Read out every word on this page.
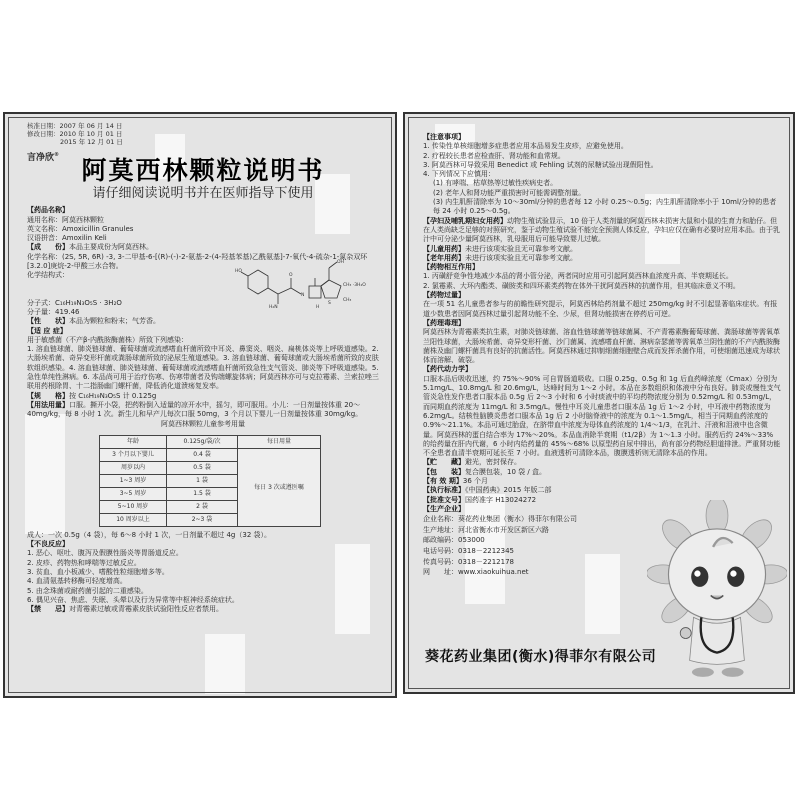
核准日期：2007 年 06 月 14 日
修改日期：2010 年 10 月 01 日
2015 年 12 月 01 日
言净欣®
阿莫西林颗粒说明书
请仔细阅读说明书并在医师指导下使用
【药品名称】
通用名称：阿莫西林颗粒
英文名称：Amoxicillin Granules
汉语拼音：Amoxilin Keli
【成　　份】本品主要成份为阿莫西林。
化学名称：(2S, 5R, 6R) -3, 3-二甲基-6-[(R)-(-)-2-氨基-2-(4-羟基苯基)乙酰氨基]-7-氧代-4-硫杂-1-氮杂双环[3.2.0]庚烷-2-甲酸三水合物。
化学结构式：
分子式：C₁₆H₁₉N₃O₅S · 3H₂O
分子量：419.46
【性　　状】本品为颗粒和粉末；气芳香。
【适 应 症】
用于敏感菌（不产β-内酰胺酶菌株）所致下列感染：
1. 溶血链球菌、肺炎链球菌、葡萄球菌或流感嗜血杆菌所致中耳炎、鼻窦炎、咽炎、扁桃体炎等上呼吸道感染。2. 大肠埃希菌、奇异变形杆菌或粪肠球菌所致的泌尿生殖道感染。3. 溶血链球菌、葡萄球菌或大肠埃希菌所致的皮肤软组织感染。4. 溶血链球菌、肺炎链球菌、葡萄球菌或流感嗜血杆菌所致急性支气管炎、肺炎等下呼吸道感染。5. 急性单纯性淋病。6. 本品尚可用于治疗伤寒、伤寒带菌者及钩端螺旋体病；阿莫西林亦可与克拉霉素、兰索拉唑三联用药根除胃、十二指肠幽门螺杆菌，降低消化道溃疡复发率。
【规　　格】按 C₁₆H₁₉N₃O₅S 计 0.125g
【用法用量】口服。撕开小袋，把药粉倒入适量的凉开水中，摇匀，即可服用。小儿：一日剂量按体重 20～40mg/kg，每 8 小时 1 次。新生儿和早产儿每次口服 50mg，3 个月以下婴儿一日剂量按体重 30mg/kg。
阿莫西林颗粒儿童参考用量
年龄	0.125g/袋/次	每日用量
3 个月以下婴儿	0.4 袋	每日 3 次或遵医嘱
周岁以内	0.5 袋	
1~3 周岁	1 袋	
3~5 周岁	1.5 袋	
5~10 周岁	2 袋	
10 周岁以上	2~3 袋	
成人：一次 0.5g（4 袋），每 6～8 小时 1 次，一日剂量不超过 4g（32 袋）。
【不良反应】
1. 恶心、呕吐、腹泻及假膜性肠炎等胃肠道反应。
2. 皮疹、药物热和哮喘等过敏反应。
3. 贫血、血小板减少、嗜酸性粒细胞增多等。
4. 血清氨基转移酶可轻度增高。
5. 由念珠菌或耐药菌引起的二重感染。
6. 偶见兴奋、焦虑、失眠、头晕以及行为异常等中枢神经系统症状。
【禁　　忌】对青霉素过敏或青霉素皮肤试验阳性反应者禁用。
HO
OH
H₂N
O
N
CH₃ ·3H₂O
CH₃
S
H
【注意事项】
1. 传染性单核细胞增多症患者应用本品易发生皮疹，应避免使用。
2. 疗程较长患者应检查肝、肾功能和血常规。
3. 阿莫西林可导致采用 Benedict 或 Fehling 试剂的尿糖试验出现假阳性。
4. 下列情况下应慎用：
(1) 有哮喘、枯草热等过敏性疾病史者。
(2) 老年人和肾功能严重损害时可能需调整剂量。
(3) 内生肌酐清除率为 10～30ml/分钟的患者每 12 小时 0.25～0.5g；内生肌酐清除率小于 10ml/分钟的患者每 24 小时 0.25～0.5g。
【孕妇及哺乳期妇女用药】动物生殖试验显示，10 倍于人类剂量的阿莫西林未损害大鼠和小鼠的生育力和胎仔。但在人类尚缺乏足够的对照研究，鉴于动物生殖试验不能完全预测人体反应，孕妇应仅在确有必要时应用本品。由于乳汁中可分泌少量阿莫西林，乳母服用后可能导致婴儿过敏。
【儿童用药】未进行该项实验且无可靠参考文献。
【老年用药】未进行该项实验且无可靠参考文献。
【药物相互作用】
1. 丙磺舒竞争性地减少本品的肾小管分泌，两者同时应用可引起阿莫西林血浓度升高、半衰期延长。
2. 氯霉素、大环内酯类、磺胺类和四环素类药物在体外干扰阿莫西林的抗菌作用，但其临床意义不明。
【药物过量】
在一项 51 名儿童患者参与的前瞻性研究提示，阿莫西林给药剂量不超过 250mg/kg 时不引起显著临床症状。有报道少数患者因阿莫西林过量引起肾功能不全、少尿，但肾功能损害在停药后可逆。
【药理毒理】
阿莫西林为青霉素类抗生素，对肺炎链球菌、溶血性链球菌等链球菌属、不产青霉素酶葡萄球菌、粪肠球菌等需氧革兰阳性球菌，大肠埃希菌、奇异变形杆菌、沙门菌属、流感嗜血杆菌、淋病奈瑟菌等需氧革兰阴性菌的不产内酰胺酶菌株及幽门螺杆菌具有良好的抗菌活性。阿莫西林通过抑制细菌细胞壁合成而发挥杀菌作用，可使细菌迅速成为球状体而溶解、破裂。
【药代动力学】
口服本品后吸收迅速，约 75%～90% 可自胃肠道吸收。口服 0.25g、0.5g 和 1g 后血药峰浓度（Cmax）分别为 5.1mg/L、10.8mg/L 和 20.6mg/L，达峰时间为 1～2 小时。本品在多数组织和体液中分布良好。肺炎或慢性支气管炎急性发作患者口服本品 0.5g 后 2～3 小时和 6 小时痰液中的平均药物浓度分别为 0.52mg/L 和 0.53mg/L，而同期血药浓度为 11mg/L 和 3.5mg/L。慢性中耳炎儿童患者口服本品 1g 后 1～2 小时，中耳液中药物浓度为 6.2mg/L。结核性脑膜炎患者口服本品 1g 后 2 小时脑脊液中的浓度为 0.1～1.5mg/L，相当于同期血药浓度的 0.9%～21.1%。本品可通过胎盘，在脐带血中浓度为母体血药浓度的 1/4～1/3，在乳汁、汗液和泪液中也含微量。阿莫西林的蛋白结合率为 17%～20%。本品血消除半衰期（t1/2β）为 1～1.3 小时。服药后约 24%～33% 的给药量在肝内代谢，6 小时内给药量的 45%～68% 以原型药自尿中排出，尚有部分药物经胆道排泄。严重肾功能不全患者血清半衰期可延长至 7 小时。血液透析可清除本品，腹膜透析则无清除本品的作用。
【贮　　藏】避光，密封保存。
【包　　装】复合膜包装，10 袋 / 盒。
【有 效 期】36 个月
【执行标准】《中国药典》2015 年版二部
【批准文号】国药准字 H13024272
【生产企业】
企业名称：葵花药业集团（衡水）得菲尔有限公司
生产地址：河北省衡水市开发区新区六路
邮政编码：053000
电话号码：0318－2212345
传真号码：0318－2212178
网　　址：www.xiaokuihua.net
葵花药业集团(衡水)得菲尔有限公司
